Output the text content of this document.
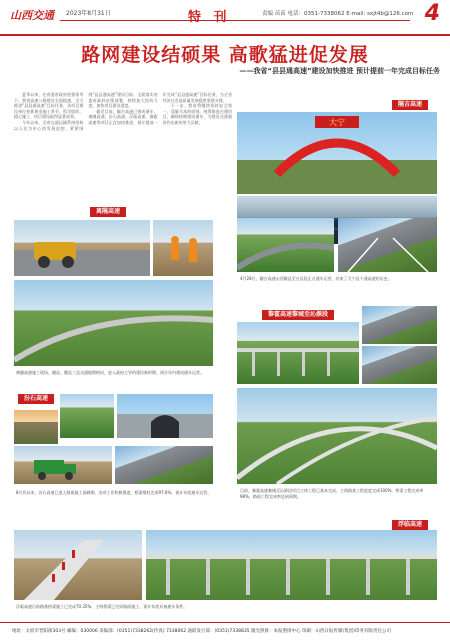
山西交通 2023年8月31日	特 刊	责编 苗苗 电话：0351-7338062 E-mail: sxjt4b@126.com 4
路网建设结硕果 高歌猛进促发展
——我省“县县通高速”建设加快推进 预计提前一年完成目标任务

夏季以来，在省委省政府坚强领导下，我省高速公路建设全面提速，全力推进“县县通高速”目标任务，各项目建设单位抢抓黄金施工季节，科学组织、精心施工，项目建设取得显著成效。

今年以来，全省交通运输系统坚持以人民为中心的发展思想，紧紧围绕“县县通高速”建设目标，全面落实省委省政府决策部署，持续加大投资力度，加快项目建设进度。

截至目前，隰吉高速已建成通车，离隰高速、汾石高速、浮临高速、黎霍高速等项目正在加快推进，预计提前一年完成“县县通高速”目标任务，为全省经济社会高质量发展提供坚强支撑。

下一步，我省将继续坚持安全第一、质量为本的原则，统筹推进在建项目，确保按期建成通车，为建设交通强省作出新的更大贡献。

隰吉高速
大宁
4月28日，隰吉高速山西隰县至吉县段正式通车运营，结束了大宁县不通高速的历史。
离隰高速
离隰高速施工现场，隰县、隰县三县交通地理格局，进入政府主导的建设新时期，预计年内建成通车运营。
黎霍高速黎城至沁源段
目前，黎霍高速黎城至沁源段项目主体工程已基本完成，主线路基工程进度完成100%，桥梁工程完成率98%，路面工程完成率达到预期。
汾石高速
8月份以来，汾石高速已进入路面施工高峰期，各项工作积极推进，桥梁墩柱完成97.6%，预计年底通车运营。
浮临高速
浮临高速目前路基桥梁施工已完成70.35%，主线桥梁已完成路面施工，预计年底具备通车条件。
地址：太原市晋阳街303号 邮编：030006 采编部：(0351)7338262(传真) 7338062 通联发行部：(0351)7338835 激光照排：本报照排中心 印刷：山西日报传媒(集团)印务有限责任公司
